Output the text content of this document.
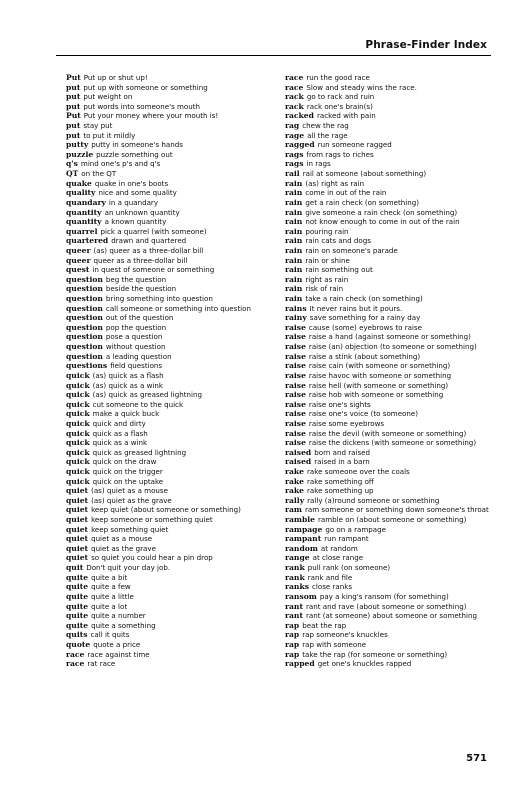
Phrase-Finder Index
Put Put up or shut up!
put put up with someone or something
put put weight on
put put words into someone's mouth
Put Put your money where your mouth is!
put stay put
put to put it mildly
putty putty in someone's hands
puzzle puzzle something out
q's mind one's p's and q's
QT on the QT
quake quake in one's boots
quality nice and some quality
quandary in a quandary
quantity an unknown quantity
quantity a known quantity
quarrel pick a quarrel (with someone)
quartered drawn and quartered
queer (as) queer as a three-dollar bill
queer queer as a three-dollar bill
quest in quest of someone or something
question beg the question
question beside the question
question bring something into question
question call someone or something into question
question out of the question
question pop the question
question pose a question
question without question
question a leading question
questions field questions
quick (as) quick as a flash
quick (as) quick as a wink
quick (as) quick as greased lightning
quick cut someone to the quick
quick make a quick buck
quick quick and dirty
quick quick as a flash
quick quick as a wink
quick quick as greased lightning
quick quick on the draw
quick quick on the trigger
quick quick on the uptake
quiet (as) quiet as a mouse
quiet (as) quiet as the grave
quiet keep quiet (about someone or something)
quiet keep someone or something quiet
quiet keep something quiet
quiet quiet as a mouse
quiet quiet as the grave
quiet so quiet you could hear a pin drop
quit Don't quit your day job.
quite quite a bit
quite quite a few
quite quite a little
quite quite a lot
quite quite a number
quite quite a something
quits call it quits
quote quote a price
race race against time
race rat race
race run the good race
race Slow and steady wins the race.
rack go to rack and ruin
rack rack one's brain(s)
racked racked with pain
rag chew the rag
rage all the rage
ragged run someone ragged
rags from rags to riches
rags in rags
rail rail at someone (about something)
rain (as) right as rain
rain come in out of the rain
rain get a rain check (on something)
rain give someone a rain check (on something)
rain not know enough to come in out of the rain
rain pouring rain
rain rain cats and dogs
rain rain on someone's parade
rain rain or shine
rain rain something out
rain right as rain
rain risk of rain
rain take a rain check (on something)
rains It never rains but it pours.
rainy save something for a rainy day
raise cause (some) eyebrows to raise
raise raise a hand (against someone or something)
raise raise (an) objection (to someone or something)
raise raise a stink (about something)
raise raise cain (with someone or something)
raise raise havoc with someone or something
raise raise hell (with someone or something)
raise raise hob with someone or something
raise raise one's sights
raise raise one's voice (to someone)
raise raise some eyebrows
raise raise the devil (with someone or something)
raise raise the dickens (with someone or something)
raised born and raised
raised raised in a barn
rake rake someone over the coals
rake rake something off
rake rake something up
rally rally (a)round someone or something
ram ram someone or something down someone's throat
ramble ramble on (about someone or something)
rampage go on a rampage
rampant run rampant
random at random
range at close range
rank pull rank (on someone)
rank rank and file
ranks close ranks
ransom pay a king's ransom (for something)
rant rant and rave (about someone or something)
rant rant (at someone) about someone or something
rap beat the rap
rap rap someone's knuckles
rap rap with someone
rap take the rap (for someone or something)
rapped get one's knuckles rapped
571
